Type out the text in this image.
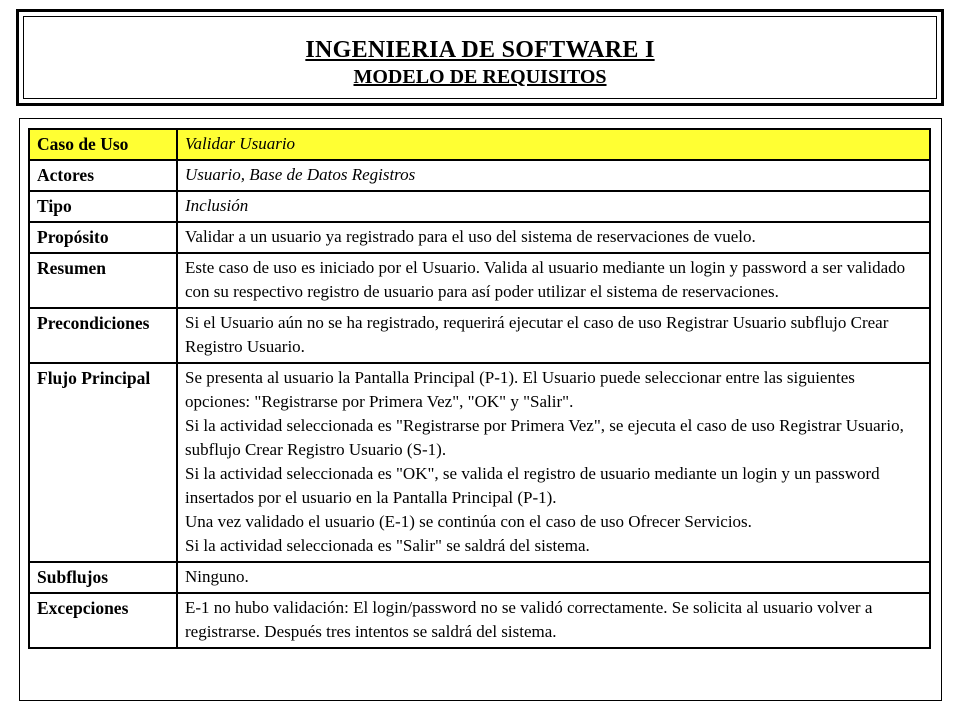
INGENIERIA DE SOFTWARE I
MODELO DE REQUISITOS
Caso de Uso	Validar Usuario
Actores	Usuario, Base de Datos Registros
Tipo	Inclusión
Propósito	Validar a un usuario ya registrado para el uso del sistema de reservaciones de vuelo.
Resumen	Este caso de uso es iniciado por el Usuario. Valida al usuario mediante un login y password a ser validado con su respectivo registro de usuario para así poder utilizar el sistema de reservaciones.
Precondiciones	Si el Usuario aún no se ha registrado, requerirá ejecutar el caso de uso Registrar Usuario subflujo Crear Registro Usuario.
Flujo Principal	Se presenta al usuario la Pantalla Principal (P-1). El Usuario puede seleccionar entre las siguientes opciones: "Registrarse por Primera Vez", "OK" y "Salir".
Si la actividad seleccionada es "Registrarse por Primera Vez", se ejecuta el caso de uso Registrar Usuario, subflujo Crear Registro Usuario (S-1).
Si la actividad seleccionada es "OK", se valida el registro de usuario mediante un login y un password insertados por el usuario en la Pantalla Principal (P-1).
Una vez validado el usuario (E-1) se continúa con el caso de uso Ofrecer Servicios.
Si la actividad seleccionada es "Salir" se saldrá del sistema.

Subflujos	Ninguno.
Excepciones	E-1 no hubo validación: El login/password no se validó correctamente. Se solicita al usuario volver a registrarse. Después tres intentos se saldrá del sistema.
